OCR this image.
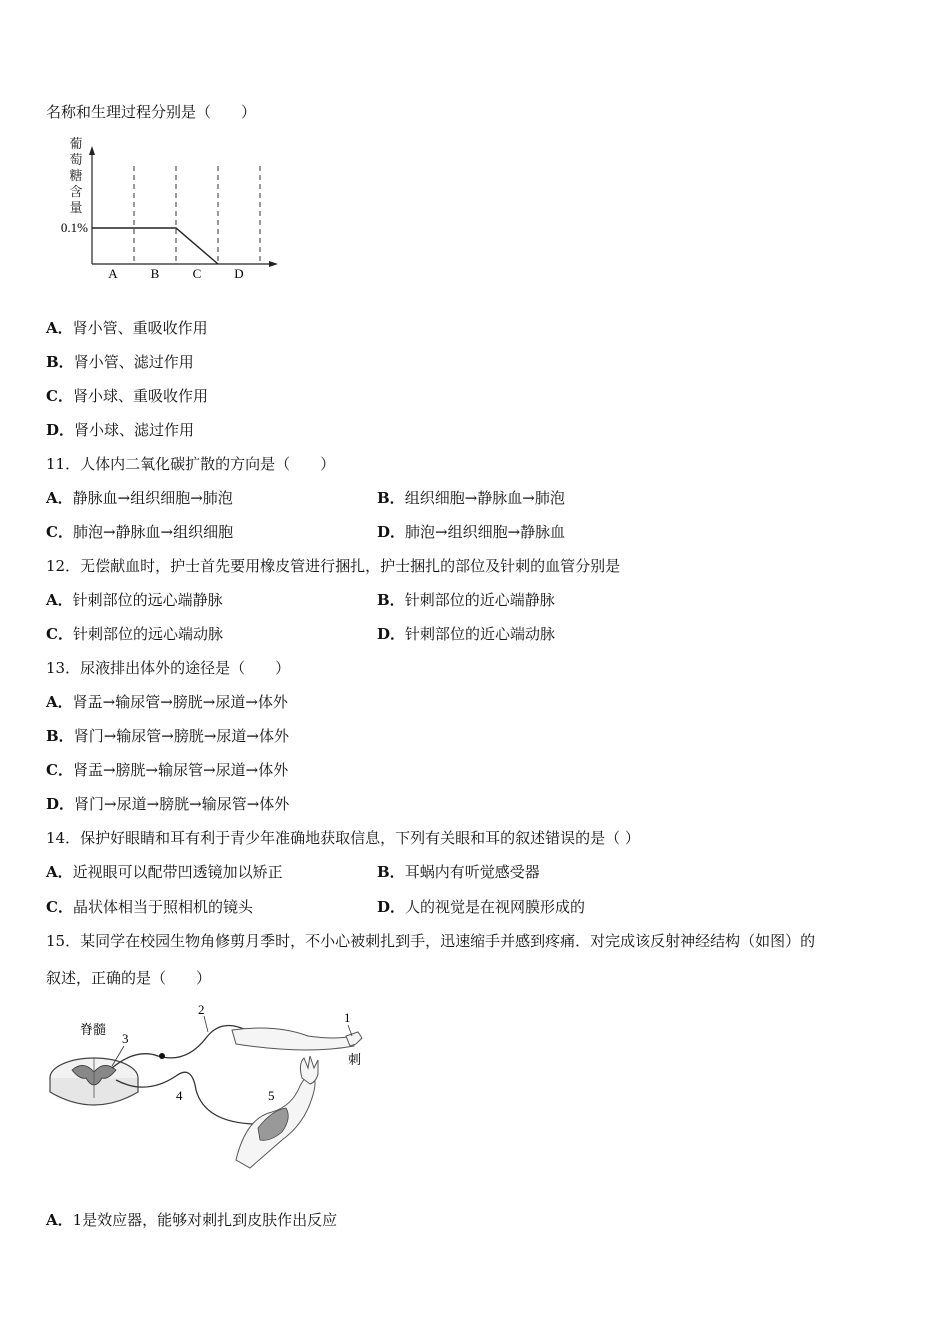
名称和生理过程分别是（　　）
葡
萄
糖
含
量
0.1%
A	B	C	D
A．肾小管、重吸收作用
B．肾小管、滤过作用
C．肾小球、重吸收作用
D．肾小球、滤过作用
11．人体内二氧化碳扩散的方向是（　　）
A．静脉血→组织细胞→肺泡	B．组织细胞→静脉血→肺泡
C．肺泡→静脉血→组织细胞	D．肺泡→组织细胞→静脉血
12．无偿献血时，护士首先要用橡皮管进行捆扎，护士捆扎的部位及针刺的血管分别是
A．针刺部位的远心端静脉	B．针刺部位的近心端静脉
C．针刺部位的远心端动脉	D．针刺部位的近心端动脉
13．尿液排出体外的途径是（　　）
A．肾盂→输尿管→膀胱→尿道→体外
B．肾门→输尿管→膀胱→尿道→体外
C．肾盂→膀胱→输尿管→尿道→体外
D．肾门→尿道→膀胱→输尿管→体外
14．保护好眼睛和耳有利于青少年准确地获取信息，下列有关眼和耳的叙述错误的是（ ）
A．近视眼可以配带凹透镜加以矫正	B．耳蜗内有听觉感受器
C．晶状体相当于照相机的镜头	D．人的视觉是在视网膜形成的
15．某同学在校园生物角修剪月季时，不小心被刺扎到手，迅速缩手并感到疼痛．对完成该反射神经结构（如图）的
叙述，正确的是（　　）
脊髓
3
2
4
1
刺
5
A．1是效应器，能够对刺扎到皮肤作出反应
